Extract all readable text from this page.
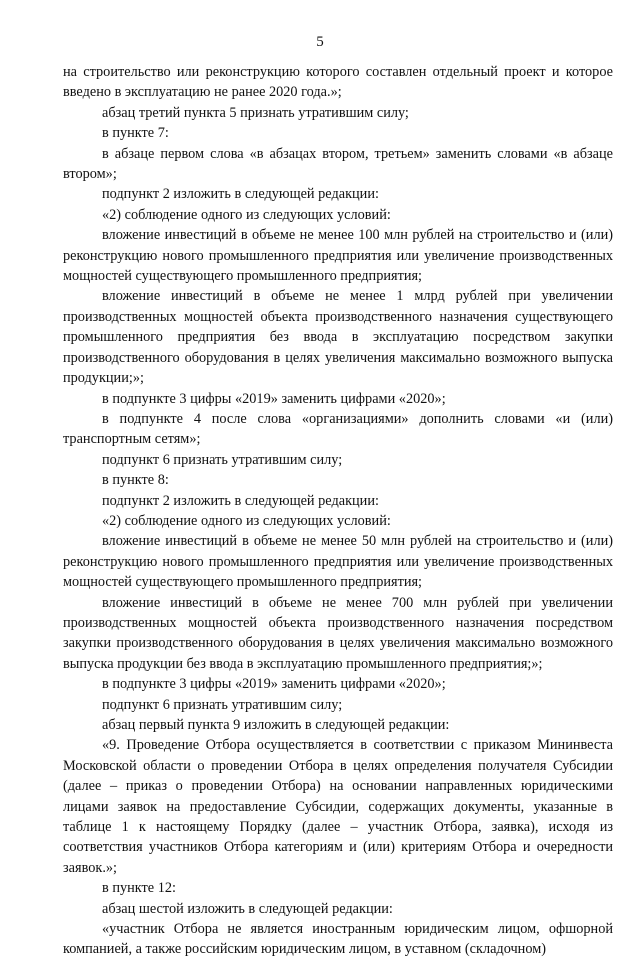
5

на строительство или реконструкцию которого составлен отдельный проект и которое введено в эксплуатацию не ранее 2020 года.»;

абзац третий пункта 5 признать утратившим силу;

в пункте 7:

в абзаце первом слова «в абзацах втором, третьем» заменить словами «в абзаце втором»;

подпункт 2 изложить в следующей редакции:

«2) соблюдение одного из следующих условий:

вложение инвестиций в объеме не менее 100 млн рублей на строительство и (или) реконструкцию нового промышленного предприятия или увеличение производственных мощностей существующего промышленного предприятия;

вложение инвестиций в объеме не менее 1 млрд рублей при увеличении производственных мощностей объекта производственного назначения существующего промышленного предприятия без ввода в эксплуатацию посредством закупки производственного оборудования в целях увеличения максимально возможного выпуска продукции;»;

в подпункте 3 цифры «2019» заменить цифрами «2020»;

в подпункте 4 после слова «организациями» дополнить словами «и (или) транспортным сетям»;

подпункт 6 признать утратившим силу;

в пункте 8:

подпункт 2 изложить в следующей редакции:

«2) соблюдение одного из следующих условий:

вложение инвестиций в объеме не менее 50 млн рублей на строительство и (или) реконструкцию нового промышленного предприятия или увеличение производственных мощностей существующего промышленного предприятия;

вложение инвестиций в объеме не менее 700 млн рублей при увеличении производственных мощностей объекта производственного назначения посредством закупки производственного оборудования в целях увеличения максимально возможного выпуска продукции без ввода в эксплуатацию промышленного предприятия;»;

в подпункте 3 цифры «2019» заменить цифрами «2020»;

подпункт 6 признать утратившим силу;

абзац первый пункта 9 изложить в следующей редакции:

«9. Проведение Отбора осуществляется в соответствии с приказом Мининвеста Московской области о проведении Отбора в целях определения получателя Субсидии (далее – приказ о проведении Отбора) на основании направленных юридическими лицами заявок на предоставление Субсидии, содержащих документы, указанные в таблице 1 к настоящему Порядку (далее – участник Отбора, заявка), исходя из соответствия участников Отбора категориям и (или) критериям Отбора и очередности заявок.»;

в пункте 12:

абзац шестой изложить в следующей редакции:

«участник Отбора не является иностранным юридическим лицом, офшорной компанией, а также российским юридическим лицом, в уставном (складочном)
